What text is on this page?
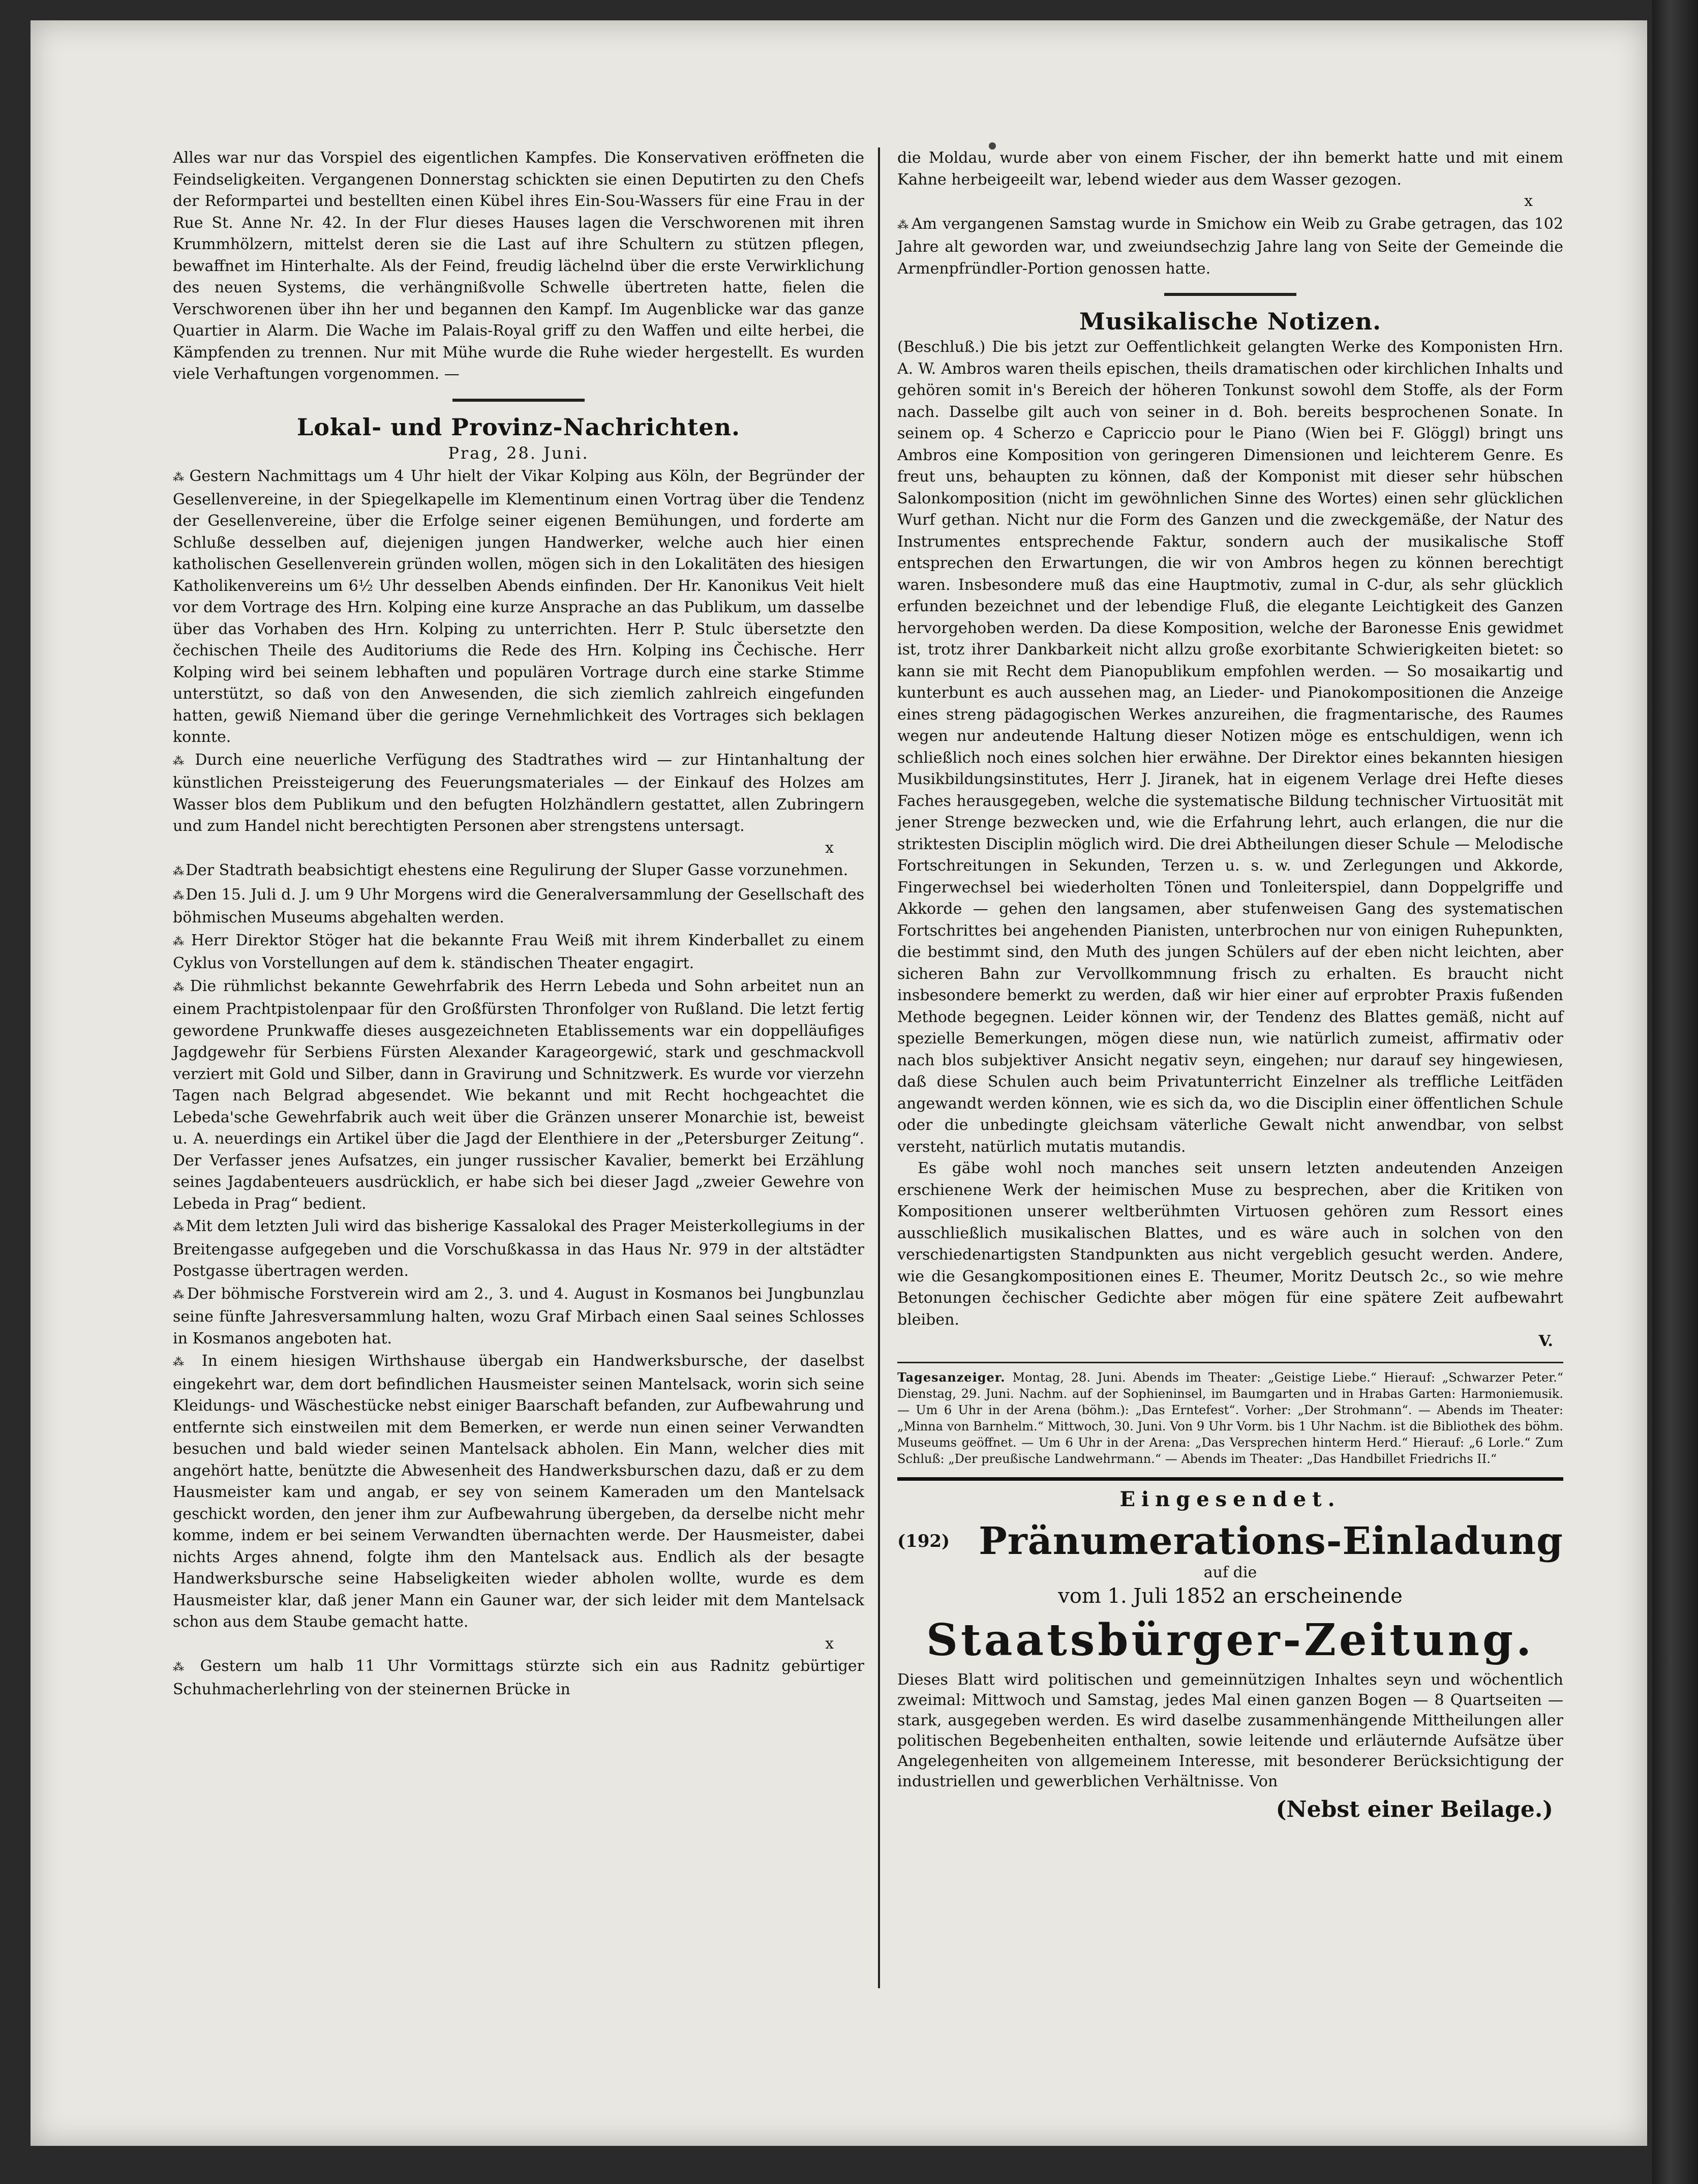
Alles war nur das Vorspiel des eigentlichen Kampfes. Die Konservativen eröffneten die Feindseligkeiten. Vergangenen Donnerstag schickten sie einen Deputirten zu den Chefs der Reformpartei und bestellten einen Kübel ihres Ein-Sou-Wassers für eine Frau in der Rue St. Anne Nr. 42. In der Flur dieses Hauses lagen die Verschworenen mit ihren Krummhölzern, mittelst deren sie die Last auf ihre Schultern zu stützen pflegen, bewaffnet im Hinterhalte. Als der Feind, freudig lächelnd über die erste Verwirklichung des neuen Systems, die verhängnißvolle Schwelle übertreten hatte, fielen die Verschworenen über ihn her und begannen den Kampf. Im Augenblicke war das ganze Quartier in Alarm. Die Wache im Palais-Royal griff zu den Waffen und eilte herbei, die Kämpfenden zu trennen. Nur mit Mühe wurde die Ruhe wieder hergestellt. Es wurden viele Verhaftungen vorgenommen. —

Lokal- und Provinz-Nachrichten.
Prag, 28. Juni.

⁂ Gestern Nachmittags um 4 Uhr hielt der Vikar Kolping aus Köln, der Begründer der Gesellenvereine, in der Spiegelkapelle im Klementinum einen Vortrag über die Tendenz der Gesellenvereine, über die Erfolge seiner eigenen Bemühungen, und forderte am Schluße desselben auf, diejenigen jungen Handwerker, welche auch hier einen katholischen Gesellenverein gründen wollen, mögen sich in den Lokalitäten des hiesigen Katholikenvereins um 6½ Uhr desselben Abends einfinden. Der Hr. Kanonikus Veit hielt vor dem Vortrage des Hrn. Kolping eine kurze Ansprache an das Publikum, um dasselbe über das Vorhaben des Hrn. Kolping zu unterrichten. Herr P. Stulc übersetzte den čechischen Theile des Auditoriums die Rede des Hrn. Kolping ins Čechische. Herr Kolping wird bei seinem lebhaften und populären Vortrage durch eine starke Stimme unterstützt, so daß von den Anwesenden, die sich ziemlich zahlreich eingefunden hatten, gewiß Niemand über die geringe Vernehmlichkeit des Vortrages sich beklagen konnte.

⁂ Durch eine neuerliche Verfügung des Stadtrathes wird — zur Hintanhaltung der künstlichen Preissteigerung des Feuerungsmateriales — der Einkauf des Holzes am Wasser blos dem Publikum und den befugten Holzhändlern gestattet, allen Zubringern und zum Handel nicht berechtigten Personen aber strengstens untersagt.

x

⁂ Der Stadtrath beabsichtigt ehestens eine Regulirung der Sluper Gasse vorzunehmen.

⁂ Den 15. Juli d. J. um 9 Uhr Morgens wird die Generalversammlung der Gesellschaft des böhmischen Museums abgehalten werden.

⁂ Herr Direktor Stöger hat die bekannte Frau Weiß mit ihrem Kinderballet zu einem Cyklus von Vorstellungen auf dem k. ständischen Theater engagirt.

⁂ Die rühmlichst bekannte Gewehrfabrik des Herrn Lebeda und Sohn arbeitet nun an einem Prachtpistolenpaar für den Großfürsten Thronfolger von Rußland. Die letzt fertig gewordene Prunkwaffe dieses ausgezeichneten Etablissements war ein doppelläufiges Jagdgewehr für Serbiens Fürsten Alexander Karageorgewić, stark und geschmackvoll verziert mit Gold und Silber, dann in Gravirung und Schnitzwerk. Es wurde vor vierzehn Tagen nach Belgrad abgesendet. Wie bekannt und mit Recht hochgeachtet die Lebeda'sche Gewehrfabrik auch weit über die Gränzen unserer Monarchie ist, beweist u. A. neuerdings ein Artikel über die Jagd der Elenthiere in der „Petersburger Zeitung“. Der Verfasser jenes Aufsatzes, ein junger russischer Kavalier, bemerkt bei Erzählung seines Jagdabenteuers ausdrücklich, er habe sich bei dieser Jagd „zweier Gewehre von Lebeda in Prag“ bedient.

⁂ Mit dem letzten Juli wird das bisherige Kassalokal des Prager Meisterkollegiums in der Breitengasse aufgegeben und die Vorschußkassa in das Haus Nr. 979 in der altstädter Postgasse übertragen werden.

⁂ Der böhmische Forstverein wird am 2., 3. und 4. August in Kosmanos bei Jungbunzlau seine fünfte Jahresversammlung halten, wozu Graf Mirbach einen Saal seines Schlosses in Kosmanos angeboten hat.

⁂ In einem hiesigen Wirthshause übergab ein Handwerksbursche, der daselbst eingekehrt war, dem dort befindlichen Hausmeister seinen Mantelsack, worin sich seine Kleidungs- und Wäschestücke nebst einiger Baarschaft befanden, zur Aufbewahrung und entfernte sich einstweilen mit dem Bemerken, er werde nun einen seiner Verwandten besuchen und bald wieder seinen Mantelsack abholen. Ein Mann, welcher dies mit angehört hatte, benützte die Abwesenheit des Handwerksburschen dazu, daß er zu dem Hausmeister kam und angab, er sey von seinem Kameraden um den Mantelsack geschickt worden, den jener ihm zur Aufbewahrung übergeben, da derselbe nicht mehr komme, indem er bei seinem Verwandten übernachten werde. Der Hausmeister, dabei nichts Arges ahnend, folgte ihm den Mantelsack aus. Endlich als der besagte Handwerksbursche seine Habseligkeiten wieder abholen wollte, wurde es dem Hausmeister klar, daß jener Mann ein Gauner war, der sich leider mit dem Mantelsack schon aus dem Staube gemacht hatte.

x

⁂ Gestern um halb 11 Uhr Vormittags stürzte sich ein aus Radnitz gebürtiger Schuhmacherlehrling von der steinernen Brücke in

die Moldau, wurde aber von einem Fischer, der ihn bemerkt hatte und mit einem Kahne herbeigeeilt war, lebend wieder aus dem Wasser gezogen.

x

⁂ Am vergangenen Samstag wurde in Smichow ein Weib zu Grabe getragen, das 102 Jahre alt geworden war, und zweiundsechzig Jahre lang von Seite der Gemeinde die Armenpfründler-Portion genossen hatte.

Musikalische Notizen.

(Beschluß.) Die bis jetzt zur Oeffentlichkeit gelangten Werke des Komponisten Hrn. A. W. Ambros waren theils epischen, theils dramatischen oder kirchlichen Inhalts und gehören somit in's Bereich der höheren Tonkunst sowohl dem Stoffe, als der Form nach. Dasselbe gilt auch von seiner in d. Boh. bereits besprochenen Sonate. In seinem op. 4 Scherzo e Capriccio pour le Piano (Wien bei F. Glöggl) bringt uns Ambros eine Komposition von geringeren Dimensionen und leichterem Genre. Es freut uns, behaupten zu können, daß der Komponist mit dieser sehr hübschen Salonkomposition (nicht im gewöhnlichen Sinne des Wortes) einen sehr glücklichen Wurf gethan. Nicht nur die Form des Ganzen und die zweckgemäße, der Natur des Instrumentes entsprechende Faktur, sondern auch der musikalische Stoff entsprechen den Erwartungen, die wir von Ambros hegen zu können berechtigt waren. Insbesondere muß das eine Hauptmotiv, zumal in C-dur, als sehr glücklich erfunden bezeichnet und der lebendige Fluß, die elegante Leichtigkeit des Ganzen hervorgehoben werden. Da diese Komposition, welche der Baronesse Enis gewidmet ist, trotz ihrer Dankbarkeit nicht allzu große exorbitante Schwierigkeiten bietet: so kann sie mit Recht dem Pianopublikum empfohlen werden. — So mosaikartig und kunterbunt es auch aussehen mag, an Lieder- und Pianokompositionen die Anzeige eines streng pädagogischen Werkes anzureihen, die fragmentarische, des Raumes wegen nur andeutende Haltung dieser Notizen möge es entschuldigen, wenn ich schließlich noch eines solchen hier erwähne. Der Direktor eines bekannten hiesigen Musikbildungsinstitutes, Herr J. Jiranek, hat in eigenem Verlage drei Hefte dieses Faches herausgegeben, welche die systematische Bildung technischer Virtuosität mit jener Strenge bezwecken und, wie die Erfahrung lehrt, auch erlangen, die nur die striktesten Disciplin möglich wird. Die drei Abtheilungen dieser Schule — Melodische Fortschreitungen in Sekunden, Terzen u. s. w. und Zerlegungen und Akkorde, Fingerwechsel bei wiederholten Tönen und Tonleiterspiel, dann Doppelgriffe und Akkorde — gehen den langsamen, aber stufenweisen Gang des systematischen Fortschrittes bei angehenden Pianisten, unterbrochen nur von einigen Ruhepunkten, die bestimmt sind, den Muth des jungen Schülers auf der eben nicht leichten, aber sicheren Bahn zur Vervollkommnung frisch zu erhalten. Es braucht nicht insbesondere bemerkt zu werden, daß wir hier einer auf erprobter Praxis fußenden Methode begegnen. Leider können wir, der Tendenz des Blattes gemäß, nicht auf spezielle Bemerkungen, mögen diese nun, wie natürlich zumeist, affirmativ oder nach blos subjektiver Ansicht negativ seyn, eingehen; nur darauf sey hingewiesen, daß diese Schulen auch beim Privatunterricht Einzelner als treffliche Leitfäden angewandt werden können, wie es sich da, wo die Disciplin einer öffentlichen Schule oder die unbedingte gleichsam väterliche Gewalt nicht anwendbar, von selbst versteht, natürlich mutatis mutandis.

Es gäbe wohl noch manches seit unsern letzten andeutenden Anzeigen erschienene Werk der heimischen Muse zu besprechen, aber die Kritiken von Kompositionen unserer weltberühmten Virtuosen gehören zum Ressort eines ausschließlich musikalischen Blattes, und es wäre auch in solchen von den verschiedenartigsten Standpunkten aus nicht vergeblich gesucht werden. Andere, wie die Gesangkompositionen eines E. Theumer, Moritz Deutsch 2c., so wie mehre Betonungen čechischer Gedichte aber mögen für eine spätere Zeit aufbewahrt bleiben.

V.
Tagesanzeiger. Montag, 28. Juni. Abends im Theater: „Geistige Liebe.“ Hierauf: „Schwarzer Peter.“ Dienstag, 29. Juni. Nachm. auf der Sophieninsel, im Baumgarten und in Hrabas Garten: Harmoniemusik. — Um 6 Uhr in der Arena (böhm.): „Das Erntefest“. Vorher: „Der Strohmann“. — Abends im Theater: „Minna von Barnhelm.“ Mittwoch, 30. Juni. Von 9 Uhr Vorm. bis 1 Uhr Nachm. ist die Bibliothek des böhm. Museums geöffnet. — Um 6 Uhr in der Arena: „Das Versprechen hinterm Herd.“ Hierauf: „6 Lorle.“ Zum Schluß: „Der preußische Landwehrmann.“ — Abends im Theater: „Das Handbillet Friedrichs II.“
Eingesendet.
(192) Pränumerations-Einladung
auf die
vom 1. Juli 1852 an erscheinende
Staatsbürger-Zeitung.

Dieses Blatt wird politischen und gemeinnützigen Inhaltes seyn und wöchentlich zweimal: Mittwoch und Samstag, jedes Mal einen ganzen Bogen — 8 Quartseiten — stark, ausgegeben werden. Es wird daselbe zusammenhängende Mittheilungen aller politischen Begebenheiten enthalten, sowie leitende und erläuternde Aufsätze über Angelegenheiten von allgemeinem Interesse, mit besonderer Berücksichtigung der industriellen und gewerblichen Verhältnisse. Von

(Nebst einer Beilage.)
